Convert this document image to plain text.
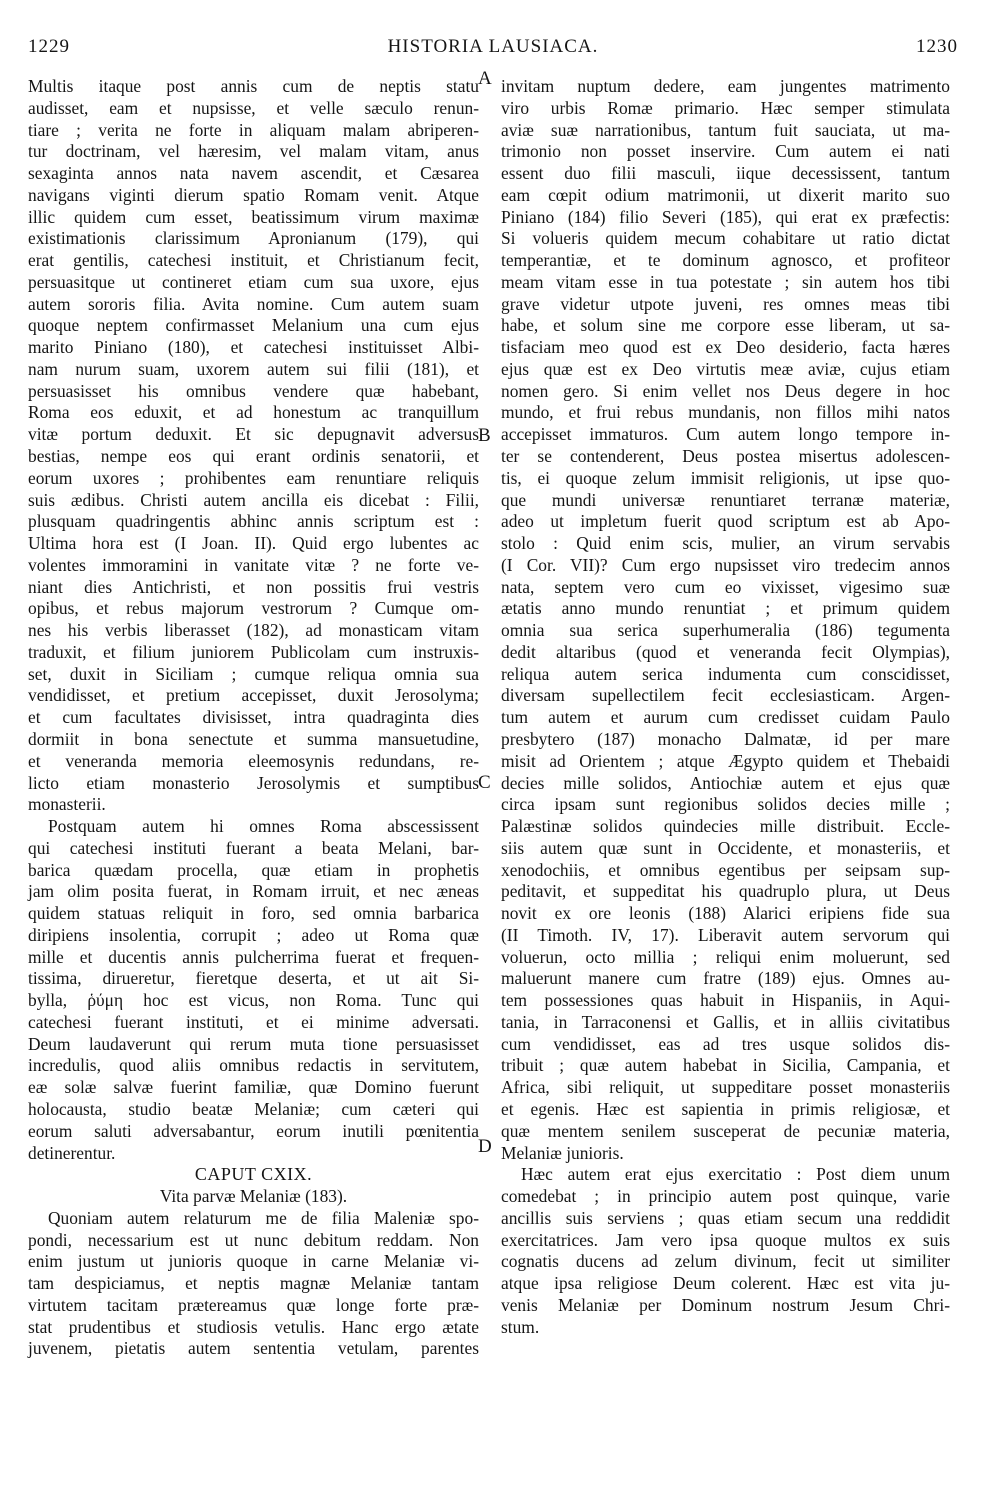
1229	HISTORIA LAUSIACA.	1230
Multis itaque post annis cum de neptis statu
audisset, eam et nupsisse, et velle sæculo renun-
tiare ; verita ne forte in aliquam malam abriperen-
tur doctrinam, vel hæresim, vel malam vitam, anus
sexaginta annos nata navem ascendit, et Cæsarea
navigans viginti dierum spatio Romam venit. Atque
illic quidem cum esset, beatissimum virum maximæ
existimationis clarissimum Apronianum (179), qui
erat gentilis, catechesi instituit, et Christianum fecit,
persuasitque ut contineret etiam cum sua uxore, ejus
autem sororis filia. Avita nomine. Cum autem suam
quoque neptem confirmasset Melanium una cum ejus
marito Piniano (180), et catechesi instituisset Albi-
nam nurum suam, uxorem autem sui filii (181), et
persuasisset his omnibus vendere quæ habebant,
Roma eos eduxit, et ad honestum ac tranquillum
vitæ portum deduxit. Et sic depugnavit adversus
bestias, nempe eos qui erant ordinis senatorii, et
eorum uxores ; prohibentes eam renuntiare reliquis
suis ædibus. Christi autem ancilla eis dicebat : Filii,
plusquam quadringentis abhinc annis scriptum est :
Ultima hora est (I Joan. II). Quid ergo lubentes ac
volentes immoramini in vanitate vitæ ? ne forte ve-
niant dies Antichristi, et non possitis frui vestris
opibus, et rebus majorum vestrorum ? Cumque om-
nes his verbis liberasset (182), ad monasticam vitam
traduxit, et filium juniorem Publicolam cum instruxis-
set, duxit in Siciliam ; cumque reliqua omnia sua
vendidisset, et pretium accepisset, duxit Jerosolyma;
et cum facultates divisisset, intra quadraginta dies
dormiit in bona senectute et summa mansuetudine,
et veneranda memoria eleemosynis redundans, re-
licto etiam monasterio Jerosolymis et sumptibus
monasterii.
Postquam autem hi omnes Roma abscessissent
qui catechesi instituti fuerant a beata Melani, bar-
barica quædam procella, quæ etiam in prophetis
jam olim posita fuerat, in Romam irruit, et nec æneas
quidem statuas reliquit in foro, sed omnia barbarica
diripiens insolentia, corrupit ; adeo ut Roma quæ
mille et ducentis annis pulcherrima fuerat et frequen-
tissima, dirueretur, fieretque deserta, et ut ait Si-
bylla, ῥύμη hoc est vicus, non Roma. Tunc qui
catechesi fuerant instituti, et ei minime adversati.
Deum laudaverunt qui rerum muta tione persuasisset
incredulis, quod aliis omnibus redactis in servitutem,
eæ solæ salvæ fuerint familiæ, quæ Domino fuerunt
holocausta, studio beatæ Melaniæ; cum cæteri qui
eorum saluti adversabantur, eorum inutili pœnitentia
detinerentur.
CAPUT CXIX.
Vita parvæ Melaniæ (183).
Quoniam autem relaturum me de filia Maleniæ spo-
pondi, necessarium est ut nunc debitum reddam. Non
enim justum ut junioris quoque in carne Melaniæ vi-
tam despiciamus, et neptis magnæ Melaniæ tantam
virtutem tacitam prætereamus quæ longe forte præ-
stat prudentibus et studiosis vetulis. Hanc ergo ætate
juvenem, pietatis autem sententia vetulam, parentes
invitam nuptum dedere, eam jungentes matrimento
viro urbis Romæ primario. Hæc semper stimulata
aviæ suæ narrationibus, tantum fuit sauciata, ut ma-
trimonio non posset inservire. Cum autem ei nati
essent duo filii masculi, iique decessissent, tantum
eam cœpit odium matrimonii, ut dixerit marito suo
Piniano (184) filio Severi (185), qui erat ex præfectis:
Si volueris quidem mecum cohabitare ut ratio dictat
temperantiæ, et te dominum agnosco, et profiteor
meam vitam esse in tua potestate ; sin autem hos tibi
grave videtur utpote juveni, res omnes meas tibi
habe, et solum sine me corpore esse liberam, ut sa-
tisfaciam meo quod est ex Deo desiderio, facta hæres
ejus quæ est ex Deo virtutis meæ aviæ, cujus etiam
nomen gero. Si enim vellet nos Deus degere in hoc
mundo, et frui rebus mundanis, non fillos mihi natos
accepisset immaturos. Cum autem longo tempore in-
ter se contenderent, Deus postea misertus adolescen-
tis, ei quoque zelum immisit religionis, ut ipse quo-
que mundi universæ renuntiaret terranæ materiæ,
adeo ut impletum fuerit quod scriptum est ab Apo-
stolo : Quid enim scis, mulier, an virum servabis
(I Cor. VII)? Cum ergo nupsisset viro tredecim annos
nata, septem vero cum eo vixisset, vigesimo suæ
ætatis anno mundo renuntiat ; et primum quidem
omnia sua serica superhumeralia (186) tegumenta
dedit altaribus (quod et veneranda fecit Olympias),
reliqua autem serica indumenta cum conscidisset,
diversam supellectilem fecit ecclesiasticam. Argen-
tum autem et aurum cum credisset cuidam Paulo
presbytero (187) monacho Dalmatæ, id per mare
misit ad Orientem ; atque Ægypto quidem et Thebaidi
decies mille solidos, Antiochiæ autem et ejus quæ
circa ipsam sunt regionibus solidos decies mille ;
Palæstinæ solidos quindecies mille distribuit. Eccle-
siis autem quæ sunt in Occidente, et monasteriis, et
xenodochiis, et omnibus egentibus per seipsam sup-
peditavit, et suppeditat his quadruplo plura, ut Deus
novit ex ore leonis (188) Alarici eripiens fide sua
(II Timoth. IV, 17). Liberavit autem servorum qui
voluerun, octo millia ; reliqui enim moluerunt, sed
maluerunt manere cum fratre (189) ejus. Omnes au-
tem possessiones quas habuit in Hispaniis, in Aqui-
tania, in Tarraconensi et Gallis, et in alliis civitatibus
cum vendidisset, eas ad tres usque solidos dis-
tribuit ; quæ autem habebat in Sicilia, Campania, et
Africa, sibi reliquit, ut suppeditare posset monasteriis
et egenis. Hæc est sapientia in primis religiosæ, et
quæ mentem senilem susceperat de pecuniæ materia,
Melaniæ junioris.
Hæc autem erat ejus exercitatio : Post diem unum
comedebat ; in principio autem post quinque, varie
ancillis suis serviens ; quas etiam secum una reddidit
exercitatrices. Jam vero ipsa quoque multos ex suis
cognatis ducens ad zelum divinum, fecit ut similiter
atque ipsa religiose Deum colerent. Hæc est vita ju-
venis Melaniæ per Dominum nostrum Jesum Chri-
stum.
A
B
C
D
